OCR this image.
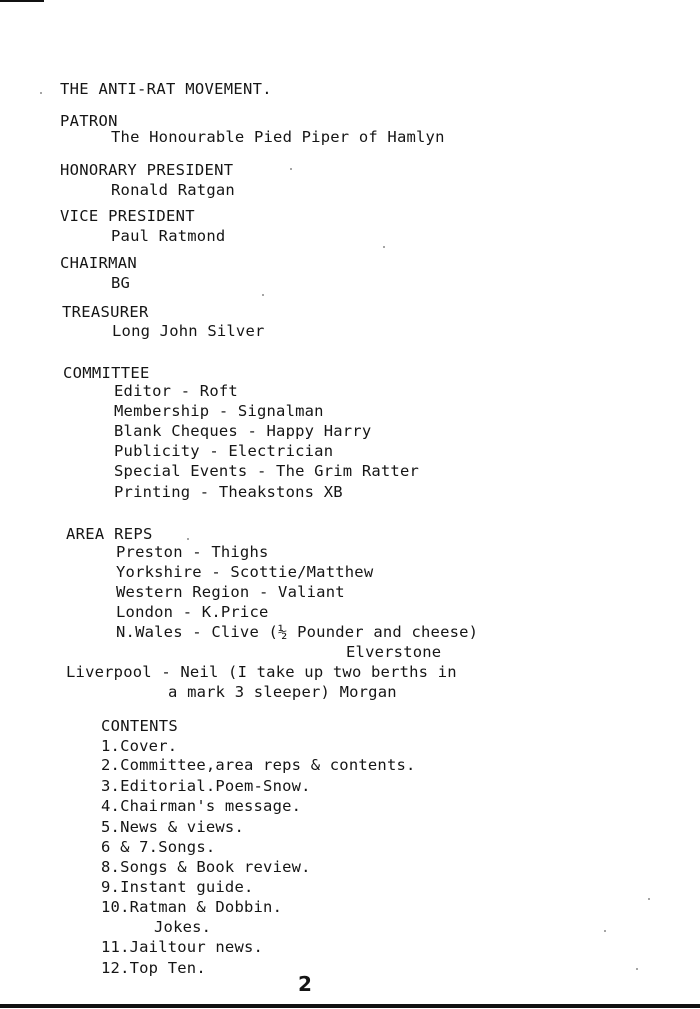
THE ANTI-RAT MOVEMENT.
PATRON
The Honourable Pied Piper of Hamlyn
HONORARY PRESIDENT
Ronald Ratgan
VICE PRESIDENT
Paul Ratmond
CHAIRMAN
BG
TREASURER
Long John Silver
COMMITTEE
Editor - Roft
Membership - Signalman
Blank Cheques - Happy Harry
Publicity - Electrician
Special Events - The Grim Ratter
Printing - Theakstons XB
AREA REPS
Preston - Thighs
Yorkshire - Scottie/Matthew
Western Region - Valiant
London - K.Price
N.Wales - Clive (½ Pounder and cheese)
Elverstone
Liverpool - Neil (I take up two berths in
a mark 3 sleeper) Morgan
CONTENTS
1.Cover.
2.Committee,area reps & contents.
3.Editorial.Poem-Snow.
4.Chairman's message.
5.News & views.
6 & 7.Songs.
8.Songs & Book review.
9.Instant guide.
10.Ratman & Dobbin.
Jokes.
11.Jailtour news.
12.Top Ten.
2
